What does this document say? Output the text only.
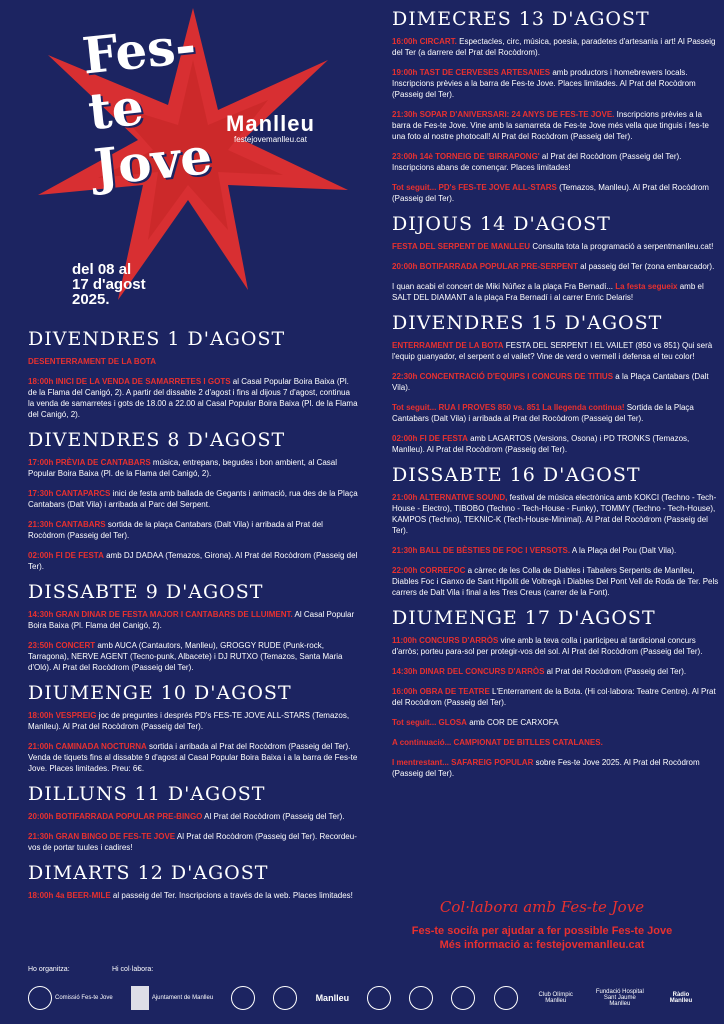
Fes-
te
Jove
Manlleu
festejovemanlleu.cat
del 08 al
17 d'agost
2025.
DIVENDRES 1 D'AGOST
DESENTERRAMENT DE LA BOTA
18:00h INICI DE LA VENDA DE SAMARRETES I GOTS al Casal Popular Boira Baixa (Pl. de la Flama del Canigó, 2). A partir del dissabte 2 d'agost i fins al dijous 7 d'agost, continua la venda de samarretes i gots de 18.00 a 22.00 al Casal Popular Boira Baixa (Pl. de la Flama del Canigó, 2).
DIVENDRES 8 D'AGOST
17:00h PRÈVIA DE CANTABARS música, entrepans, begudes i bon ambient, al Casal Popular Boira Baixa (Pl. de la Flama del Canigó, 2).
17:30h CANTAPARCS inici de festa amb ballada de Gegants i animació, rua des de la Plaça Cantabars (Dalt Vila) i arribada al Parc del Serpent.
21:30h CANTABARS sortida de la plaça Cantabars (Dalt Vila) i arribada al Prat del Rocòdrom (Passeig del Ter).
02:00h FI DE FESTA amb DJ DADAA (Temazos, Girona). Al Prat del Rocòdrom (Passeig del Ter).
DISSABTE 9 D'AGOST
14:30h GRAN DINAR DE FESTA MAJOR I CANTABARS DE LLUIMENT. Al Casal Popular Boira Baixa (Pl. Flama del Canigó, 2).
23:50h CONCERT amb AUCA (Cantautors, Manlleu), GROGGY RUDE (Punk-rock, Tarragona), NERVE AGENT (Tecno-punk, Albacete) i DJ RUTXO (Temazos, Santa Maria d'Oló). Al Prat del Rocòdrom (Passeig del Ter).
DIUMENGE 10 D'AGOST
18:00h VESPREIG joc de preguntes i després PD's FES-TE JOVE ALL-STARS (Temazos, Manlleu). Al Prat del Rocòdrom (Passeig del Ter).
21:00h CAMINADA NOCTURNA sortida i arribada al Prat del Rocòdrom (Passeig del Ter). Venda de tiquets fins al dissabte 9 d'agost al Casal Popular Boira Baixa i a la barra de Fes-te Jove. Places limitades. Preu: 6€.
DILLUNS 11 D'AGOST
20:00h BOTIFARRADA POPULAR PRE-BINGO Al Prat del Rocòdrom (Passeig del Ter).
21:30h GRAN BINGO DE FES-TE JOVE Al Prat del Rocòdrom (Passeig del Ter). Recordeu-vos de portar tuules i cadires!
DIMARTS 12 D'AGOST
18:00h 4a BEER-MILE al passeig del Ter. Inscripcions a través de la web. Places limitades!
DIMECRES 13 D'AGOST
16:00h CIRCART. Espectacles, circ, música, poesia, paradetes d'artesania i art! Al Passeig del Ter (a darrere del Prat del Rocòdrom).
19:00h TAST DE CERVESES ARTESANES amb productors i homebrewers locals. Inscripcions prèvies a la barra de Fes-te Jove. Places limitades. Al Prat del Rocòdrom (Passeig del Ter).
21:30h SOPAR D'ANIVERSARI: 24 ANYS DE FES-TE JOVE. Inscripcions prèvies a la barra de Fes-te Jove. Vine amb la samarreta de Fes-te Jove més vella que tinguis i fes-te una foto al nostre photocall! Al Prat del Rocòdrom (Passeig del Ter).
23:00h 14è TORNEIG DE 'BIRRAPONG' al Prat del Rocòdrom (Passeig del Ter). Inscripcions abans de començar. Places limitades!
Tot seguit... PD's FES-TE JOVE ALL-STARS (Temazos, Manlleu). Al Prat del Rocòdrom (Passeig del Ter).
DIJOUS 14 D'AGOST
FESTA DEL SERPENT DE MANLLEU Consulta tota la programació a serpentmanlleu.cat!
20:00h BOTIFARRADA POPULAR PRE-SERPENT al passeig del Ter (zona embarcador).
I quan acabi el concert de Miki Núñez a la plaça Fra Bernadí... La festa segueix amb el SALT DEL DIAMANT a la plaça Fra Bernadí i al carrer Enric Delaris!
DIVENDRES 15 D'AGOST
ENTERRAMENT DE LA BOTA FESTA DEL SERPENT I EL VAILET (850 vs 851) Qui serà l'equip guanyador, el serpent o el vailet? Vine de verd o vermell i defensa el teu color!
22:30h CONCENTRACIÓ D'EQUIPS I CONCURS DE TITIUS a la Plaça Cantabars (Dalt Vila).
Tot seguit... RUA I PROVES 850 vs. 851 La llegenda continua! Sortida de la Plaça Cantabars (Dalt Vila) i arribada al Prat del Rocòdrom (Passeig del Ter).
02:00h FI DE FESTA amb LAGARTOS (Versions, Osona) i PD TRONKS (Temazos, Manlleu). Al Prat del Rocòdrom (Passeig del Ter).
DISSABTE 16 D'AGOST
21:00h ALTERNATIVE SOUND, festival de música electrònica amb KOKCI (Techno - Tech-House - Electro), TIBOBO (Techno - Tech-House - Funky), TOMMY (Techno - Tech-House), KAMPOS (Techno), TEKNIC-K (Tech-House-Minimal). Al Prat del Rocòdrom (Passeig del Ter).
21:30h BALL DE BÈSTIES DE FOC I VERSOTS. A la Plaça del Pou (Dalt Vila).
22:00h CORREFOC a càrrec de les Colla de Diables i Tabalers Serpents de Manlleu, Diables Foc i Ganxo de Sant Hipòlit de Voltregà i Diables Del Pont Vell de Roda de Ter. Pels carrers de Dalt Vila i final a les Tres Creus (carrer de la Font).
DIUMENGE 17 D'AGOST
11:00h CONCURS D'ARRÒS vine amb la teva colla i participeu al tardicional concurs d'arròs; porteu para-sol per protegir-vos del sol. Al Prat del Rocòdrom (Passeig del Ter).
14:30h DINAR DEL CONCURS D'ARRÒS al Prat del Rocòdrom (Passeig del Ter).
16:00h OBRA DE TEATRE L'Enterrament de la Bota. (Hi col·labora: Teatre Centre). Al Prat del Rocòdrom (Passeig del Ter).
Tot seguit... GLOSA amb COR DE CARXOFA
A continuació... CAMPIONAT DE BITLLES CATALANES.
I mentrestant... SAFAREIG POPULAR sobre Fes-te Jove 2025. Al Prat del Rocòdrom (Passeig del Ter).
Col·labora amb Fes-te Jove
Fes-te soci/a per ajudar a fer possible Fes-te Jove
Més informació a: festejovemanlleu.cat
Ho organitza:	Hi col·labora:
Comissió Fes-te Jove	Ajuntament de Manlleu	Manlleu	Club Olímpic Manlleu
Fundació Hospital Sant Jaume Manlleu
Ràdio Manlleu
